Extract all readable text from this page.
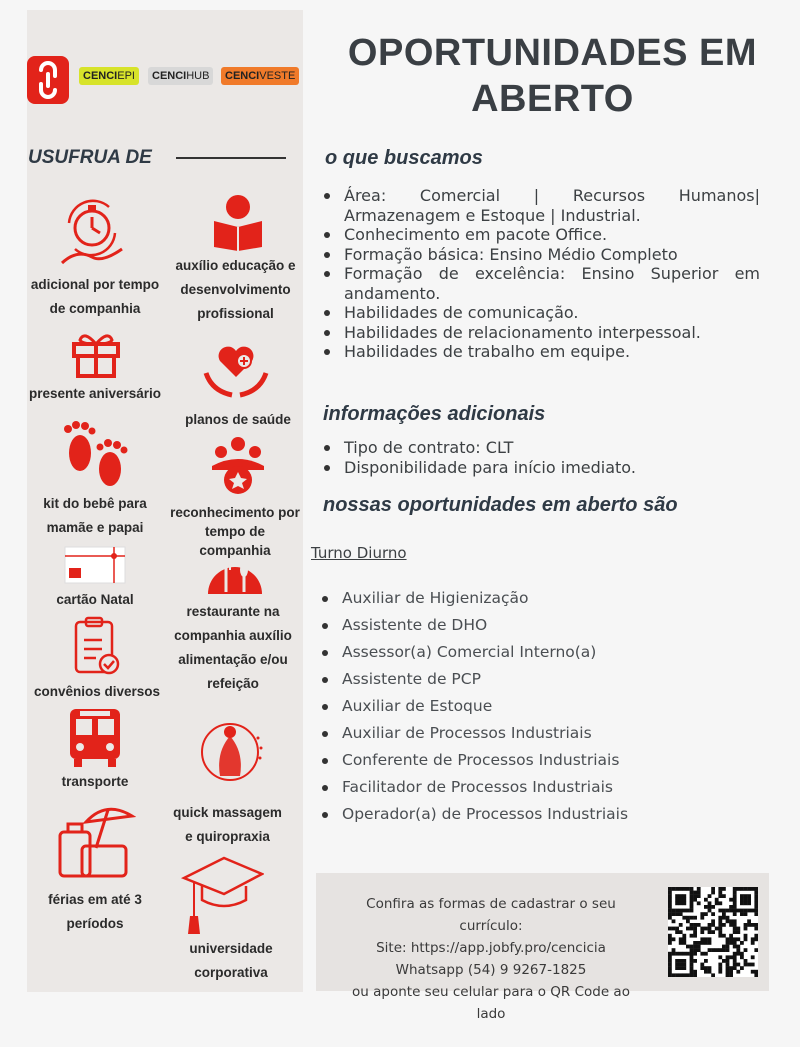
CENCIEPI	CENCIHUB	CENCIVESTE
USUFRUA DE
adicional por tempo de companhia
presente aniversário
kit do bebê para mamãe e papai
cartão Natal
convênios diversos
transporte
férias em até 3 períodos
auxílio educação e desenvolvimento profissional
planos de saúde
reconhecimento por tempo de companhia
restaurante na companhia auxílio alimentação e/ou refeição
quick massagem e quiropraxia
universidade corporativa
OPORTUNIDADES EM ABERTO
o que buscamos
Área: Comercial | Recursos Humanos| Armazenagem e Estoque | Industrial.
Conhecimento em pacote Office.
Formação básica: Ensino Médio Completo
Formação de excelência: Ensino Superior em andamento.
Habilidades de comunicação.
Habilidades de relacionamento interpessoal.
Habilidades de trabalho em equipe.
informações adicionais
Tipo de contrato: CLT
Disponibilidade para início imediato.
nossas oportunidades em aberto são
Turno Diurno
Auxiliar de Higienização
Assistente de DHO
Assessor(a) Comercial Interno(a)
Assistente de PCP
Auxiliar de Estoque
Auxiliar de Processos Industriais
Conferente de Processos Industriais
Facilitador de Processos Industriais
Operador(a) de Processos Industriais
Confira as formas de cadastrar o seu currículo:
Site: https://app.jobfy.pro/cencicia
Whatsapp (54) 9 9267-1825
ou aponte seu celular para o QR Code ao lado
